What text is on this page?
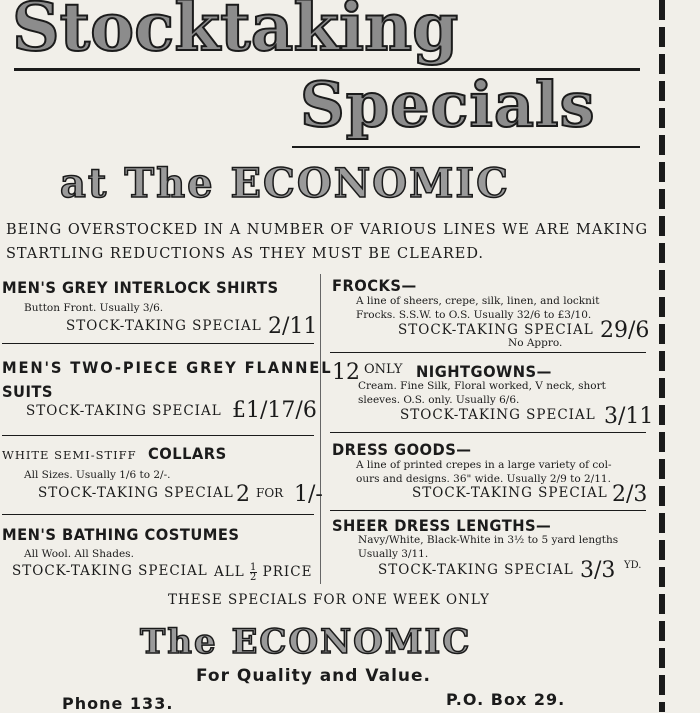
Stocktaking
Specials
at The ECONOMIC
BEING OVERSTOCKED IN A NUMBER OF VARIOUS LINES WE ARE MAKING
STARTLING REDUCTIONS AS THEY MUST BE CLEARED.
MEN'S GREY INTERLOCK SHIRTS
Button Front. Usually 3/6.
STOCK-TAKING SPECIAL 2/11
MEN'S TWO-PIECE GREY FLANNEL
SUITS
STOCK-TAKING SPECIAL £1/17/6
WHITE SEMI-STIFF COLLARS
All Sizes. Usually 1/6 to 2/-.
STOCK-TAKING SPECIAL 2 FOR 1/-
MEN'S BATHING COSTUMES
All Wool. All Shades.
STOCK-TAKING SPECIAL ALL $\frac{1}{2}$ PRICE
FROCKS—
A line of sheers, crepe, silk, linen, and locknit
Frocks. S.S.W. to O.S. Usually 32/6 to £3/10.
STOCK-TAKING SPECIAL 29/6
No Appro.
12 ONLY NIGHTGOWNS—
Cream. Fine Silk, Floral worked, V neck, short
sleeves. O.S. only. Usually 6/6.
STOCK-TAKING SPECIAL 3/11
DRESS GOODS—
A line of printed crepes in a large variety of col-
ours and designs. 36" wide. Usually 2/9 to 2/11.
STOCK-TAKING SPECIAL 2/3
SHEER DRESS LENGTHS—
Navy/White, Black-White in 3½ to 5 yard lengths
Usually 3/11.
STOCK-TAKING SPECIAL 3/3 YD.
THESE SPECIALS FOR ONE WEEK ONLY
The ECONOMIC
For Quality and Value.
Phone 133.	P.O. Box 29.
